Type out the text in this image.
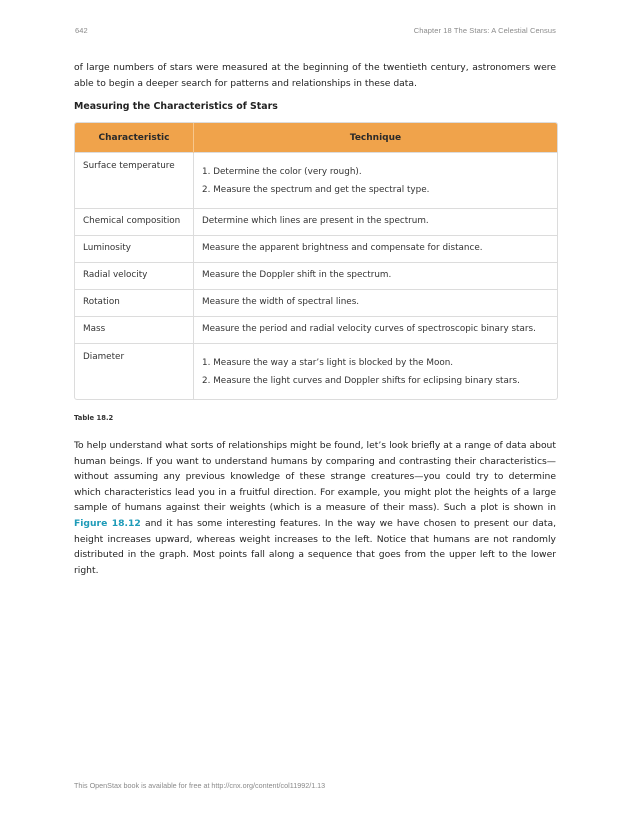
642	Chapter 18 The Stars: A Celestial Census

of large numbers of stars were measured at the beginning of the twentieth century, astronomers were able to begin a deeper search for patterns and relationships in these data.

Measuring the Characteristics of Stars

Characteristic	Technique
Surface temperature	1. Determine the color (very rough).
2. Measure the spectrum and get the spectral type.

Chemical composition	Determine which lines are present in the spectrum.
Luminosity	Measure the apparent brightness and compensate for distance.
Radial velocity	Measure the Doppler shift in the spectrum.
Rotation	Measure the width of spectral lines.
Mass	Measure the period and radial velocity curves of spectroscopic binary stars.
Diameter	1. Measure the way a star’s light is blocked by the Moon.
2. Measure the light curves and Doppler shifts for eclipsing binary stars.

Table 18.2

To help understand what sorts of relationships might be found, let’s look briefly at a range of data about human beings. If you want to understand humans by comparing and contrasting their characteristics—without assuming any previous knowledge of these strange creatures—you could try to determine which characteristics lead you in a fruitful direction. For example, you might plot the heights of a large sample of humans against their weights (which is a measure of their mass). Such a plot is shown in Figure 18.12 and it has some interesting features. In the way we have chosen to present our data, height increases upward, whereas weight increases to the left. Notice that humans are not randomly distributed in the graph. Most points fall along a sequence that goes from the upper left to the lower right.

This OpenStax book is available for free at http://cnx.org/content/col11992/1.13
